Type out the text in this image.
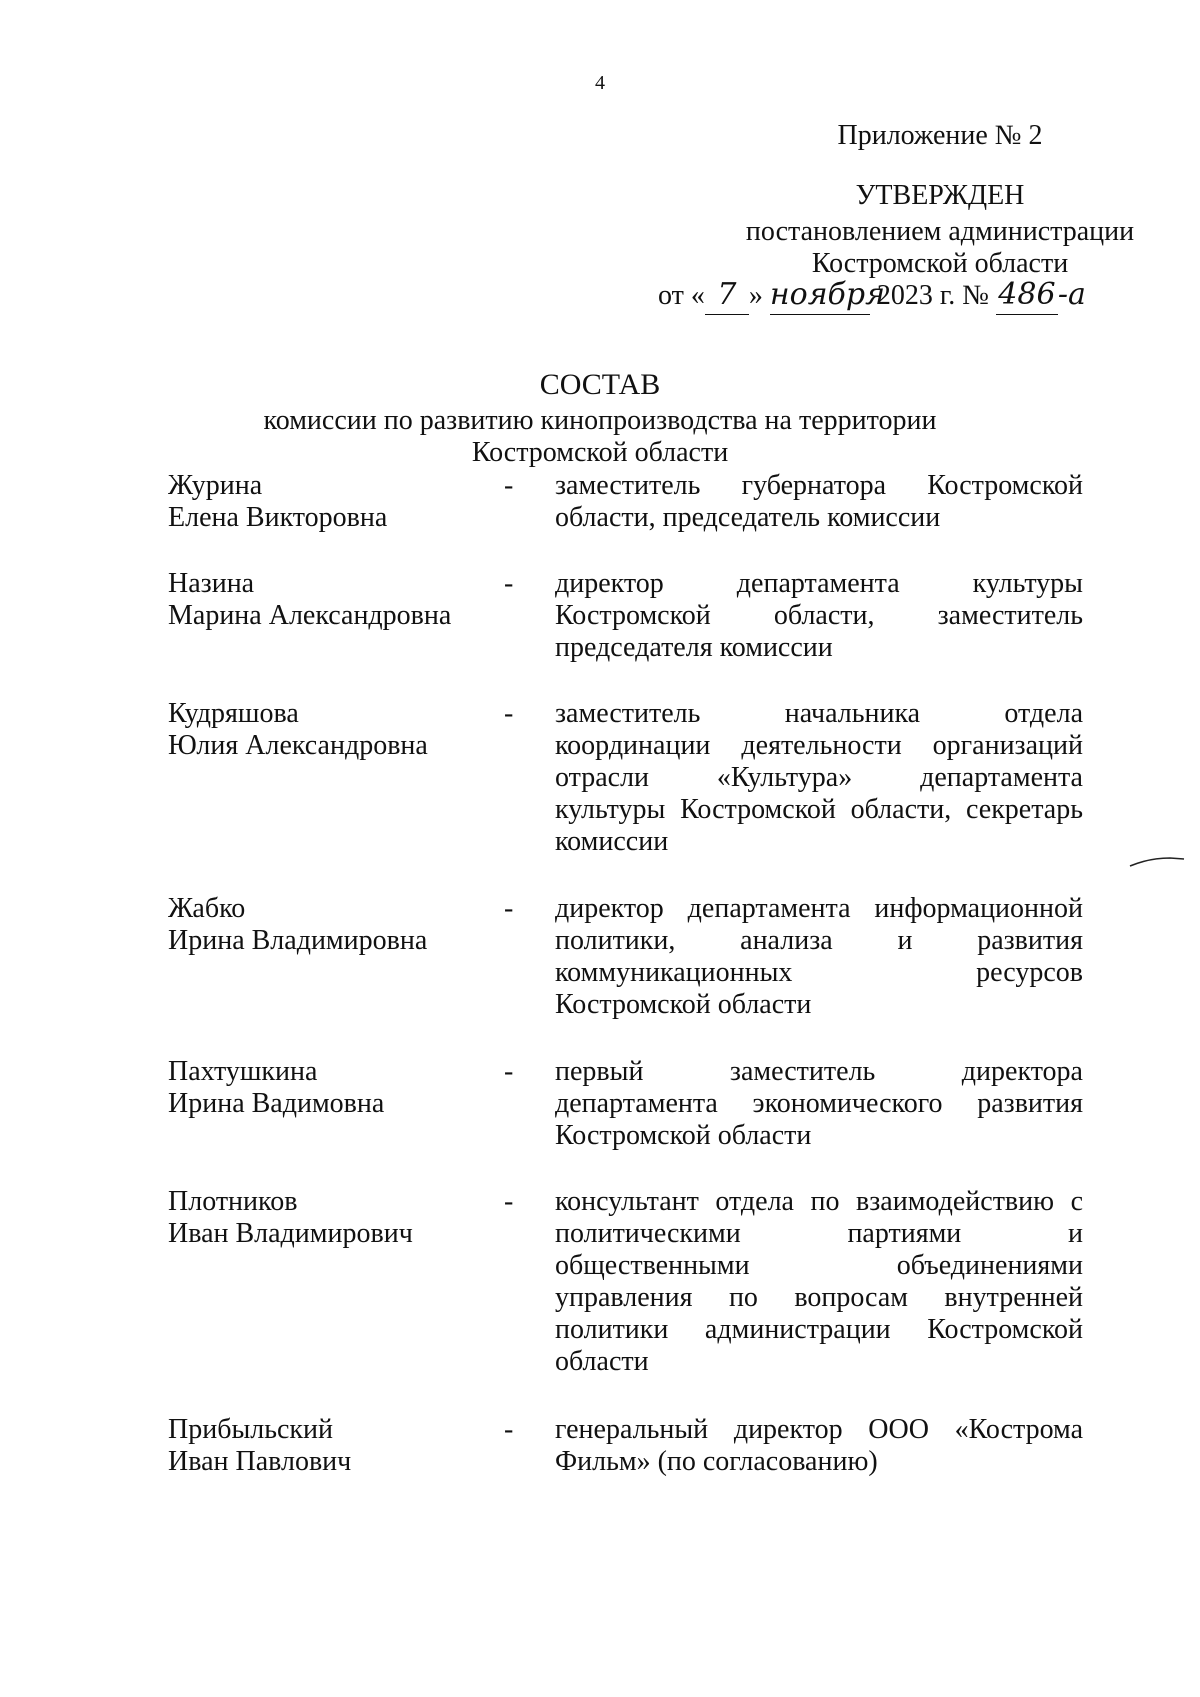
4
Приложение № 2
УТВЕРЖДЕН
постановлением администрации
Костромской области
от « 7 » ноября 2023 г. № 486-а
СОСТАВ
комиссии по развитию кинопроизводства на территории
Костромской области
Журина
Елена Викторовна
- заместитель губернатора Костромской
области, председатель комиссии
Назина
Марина Александровна
- директор департамента культуры
Костромской области, заместитель
председателя комиссии
Кудряшова
Юлия Александровна
- заместитель начальника отдела
координации деятельности организаций
отрасли «Культура» департамента
культуры Костромской области, секретарь
комиссии
Жабко
Ирина Владимировна
- директор департамента информационной
политики, анализа и развития
коммуникационных ресурсов
Костромской области
Пахтушкина
Ирина Вадимовна
- первый заместитель директора
департамента экономического развития
Костромской области
Плотников
Иван Владимирович
- консультант отдела по взаимодействию с
политическими партиями и
общественными объединениями
управления по вопросам внутренней
политики администрации Костромской
области
Прибыльский
Иван Павлович
- генеральный директор ООО «Кострома
Фильм» (по согласованию)
